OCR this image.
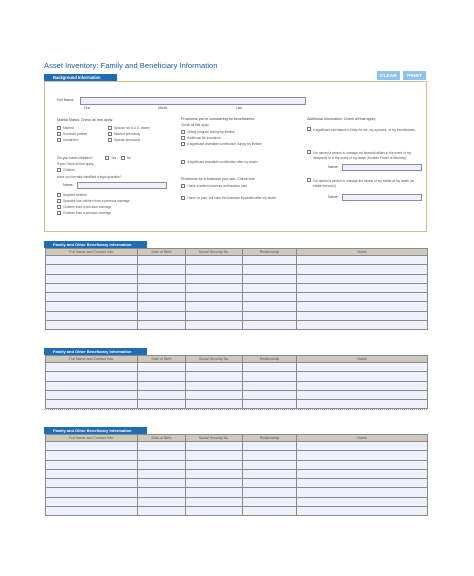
Asset Inventory: Family and Beneficiary Information
CLEAR	PRINT
Background Information
Full Name:
First	Middle	Last
Marital Status: Check all that apply.
Married
Domestic partner
Unmarried
Spouse not a U.S. citizen
Married previously
Spouse previously
Do you have children?	Yes	No
If yes Check all that apply.
Children
Have you formally identified a legal guardian?
Name:
Adopted children
Spouses has children from a previous marriage
Children from a previous marriage
Children from a previous marriage
Provisions you're considering for beneficiaries:
Check all that apply.
Gifting program during my lifetime
Additional life insurance
A significant charitable contribution during my lifetime
A significant charitable contribution after my death
Provisions for a business you own. Check one:
I have a written business continuation plan.
I have no plan, but have the business liquidated after my death.
Additional Information: Check all that apply.
A significant inheritance is likely for me, my spouses, or my beneficiaries.
I've named a person to manage my financial affairs in the event of my incapacity or in the event of my death (Durable Power of Attorney).
Name:
I've named a person to manage the assets of my estate at my death (an estate executor).
Name:
Family and Other Beneficiary Information
Full Name and Contact Info.	Date of Birth	Social Security No.	Relationship	Notes

Family and Other Beneficiary Information
Full Name and Contact Info.	Date of Birth	Social Security No.	Relationship	Notes

Family and Other Beneficiary Information
Full Name and Contact Info.	Date of Birth	Social Security No.	Relationship	Notes
